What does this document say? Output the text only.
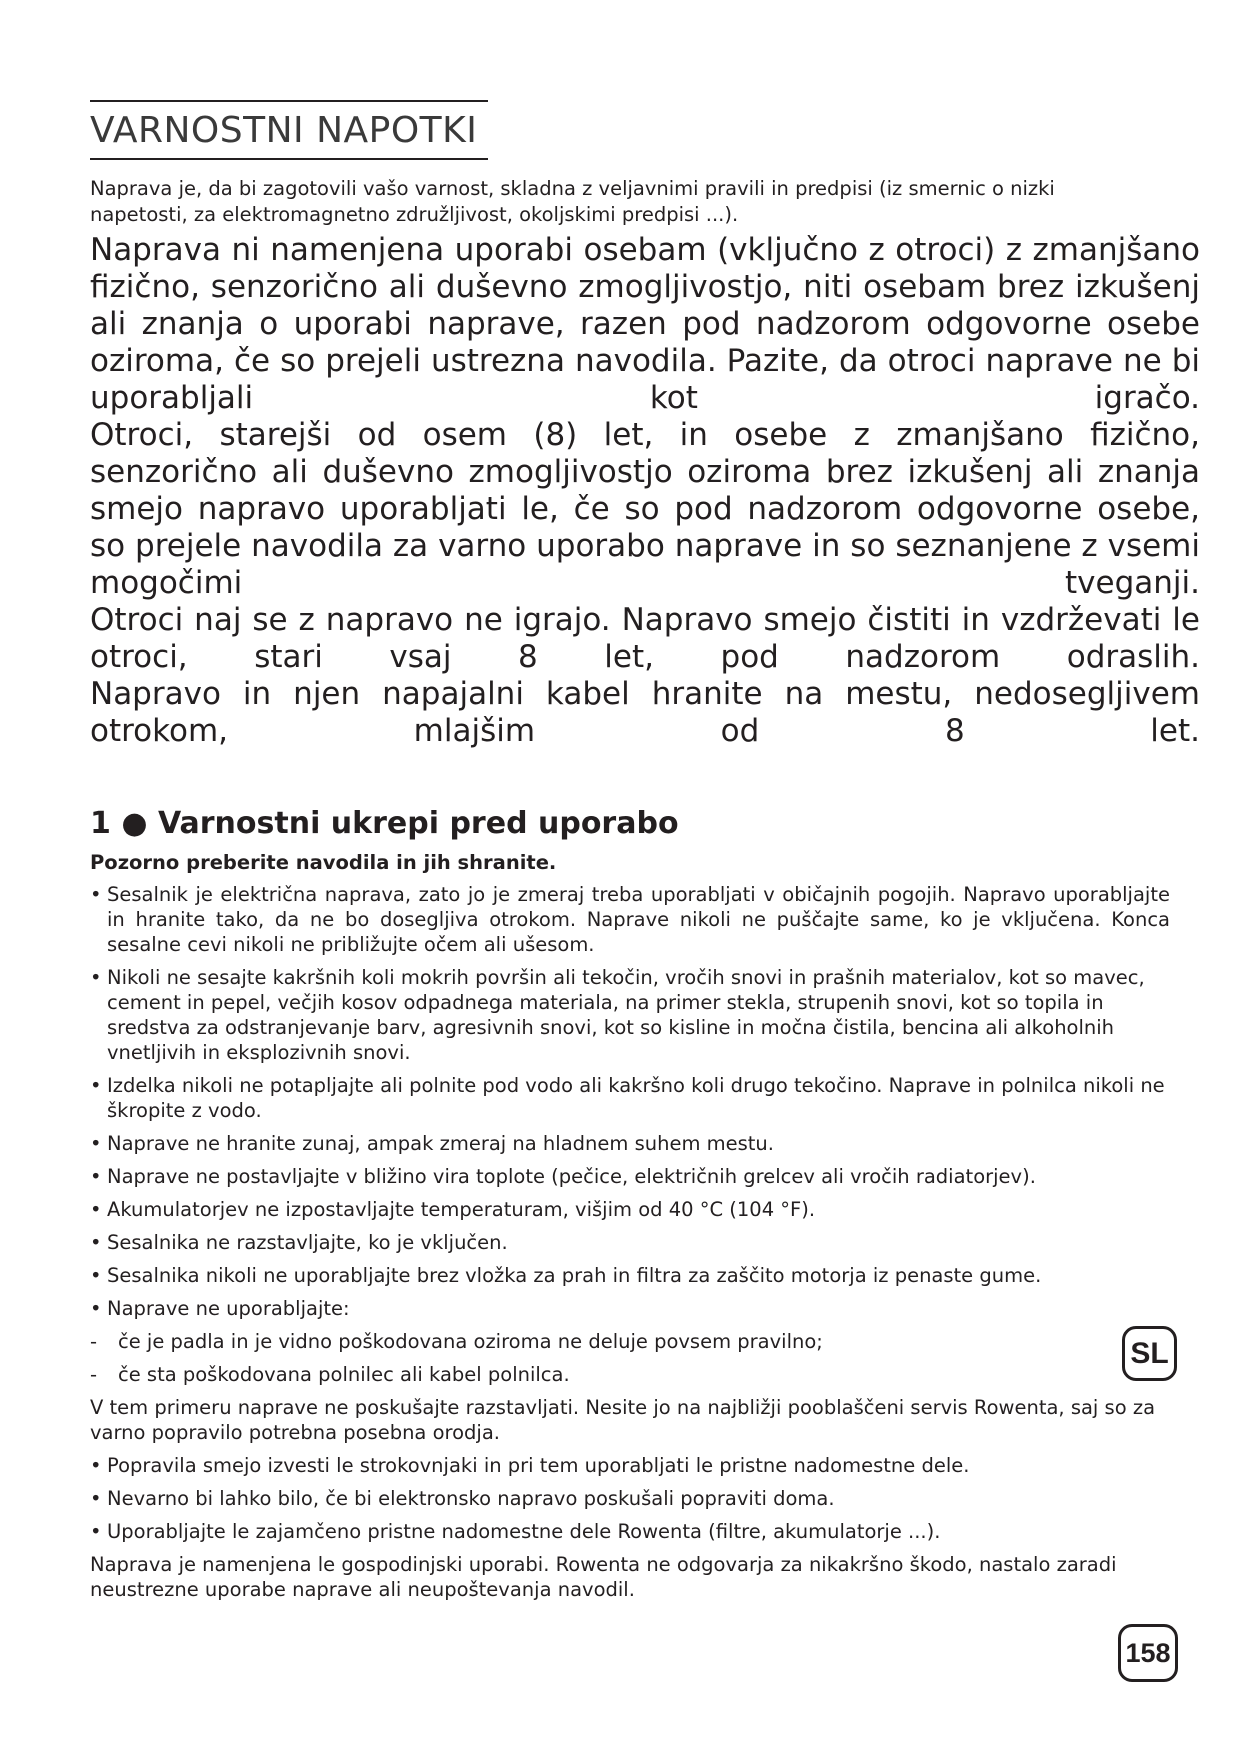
VARNOSTNI NAPOTKI
Naprava je, da bi zagotovili vašo varnost, skladna z veljavnimi pravili in predpisi (iz smernic o nizki napetosti, za elektromagnetno združljivost, okoljskimi predpisi ...).

Naprava ni namenjena uporabi osebam (vključno z otroci) z zmanjšano fizično, senzorično ali duševno zmogljivostjo, niti osebam brez izkušenj ali znanja o uporabi naprave, razen pod nadzorom odgovorne osebe oziroma, če so prejeli ustrezna navodila. Pazite, da otroci naprave ne bi uporabljali kot igračo.

Otroci, starejši od osem (8) let, in osebe z zmanjšano fizično, senzorično ali duševno zmogljivostjo oziroma brez izkušenj ali znanja smejo napravo uporabljati le, če so pod nadzorom odgovorne osebe, so prejele navodila za varno uporabo naprave in so seznanjene z vsemi mogočimi tveganji.

Otroci naj se z napravo ne igrajo. Napravo smejo čistiti in vzdrževati le otroci, stari vsaj 8 let, pod nadzorom odraslih.

Napravo in njen napajalni kabel hranite na mestu, nedosegljivem otrokom, mlajšim od 8 let.

1 ● Varnostni ukrepi pred uporabo
Pozorno preberite navodila in jih shranite.
• Sesalnik je električna naprava, zato jo je zmeraj treba uporabljati v običajnih pogojih. Napravo uporabljajte in hranite tako, da ne bo dosegljiva otrokom. Naprave nikoli ne puščajte same, ko je vključena. Konca sesalne cevi nikoli ne približujte očem ali ušesom.
• Nikoli ne sesajte kakršnih koli mokrih površin ali tekočin, vročih snovi in prašnih materialov, kot so mavec, cement in pepel, večjih kosov odpadnega materiala, na primer stekla, strupenih snovi, kot so topila in sredstva za odstranjevanje barv, agresivnih snovi, kot so kisline in močna čistila, bencina ali alkoholnih vnetljivih in eksplozivnih snovi.
• Izdelka nikoli ne potapljajte ali polnite pod vodo ali kakršno koli drugo tekočino. Naprave in polnilca nikoli ne škropite z vodo.
• Naprave ne hranite zunaj, ampak zmeraj na hladnem suhem mestu.
• Naprave ne postavljajte v bližino vira toplote (pečice, električnih grelcev ali vročih radiatorjev).
• Akumulatorjev ne izpostavljajte temperaturam, višjim od 40 °C (104 °F).
• Sesalnika ne razstavljajte, ko je vključen.
• Sesalnika nikoli ne uporabljajte brez vložka za prah in filtra za zaščito motorja iz penaste gume.
• Naprave ne uporabljajte:
-	če je padla in je vidno poškodovana oziroma ne deluje povsem pravilno;
-	če sta poškodovana polnilec ali kabel polnilca.
V tem primeru naprave ne poskušajte razstavljati. Nesite jo na najbližji pooblaščeni servis Rowenta, saj so za varno popravilo potrebna posebna orodja.
• Popravila smejo izvesti le strokovnjaki in pri tem uporabljati le pristne nadomestne dele.
• Nevarno bi lahko bilo, če bi elektronsko napravo poskušali popraviti doma.
• Uporabljajte le zajamčeno pristne nadomestne dele Rowenta (filtre, akumulatorje ...).
Naprava je namenjena le gospodinjski uporabi. Rowenta ne odgovarja za nikakršno škodo, nastalo zaradi neustrezne uporabe naprave ali neupoštevanja navodil.
SL
158
